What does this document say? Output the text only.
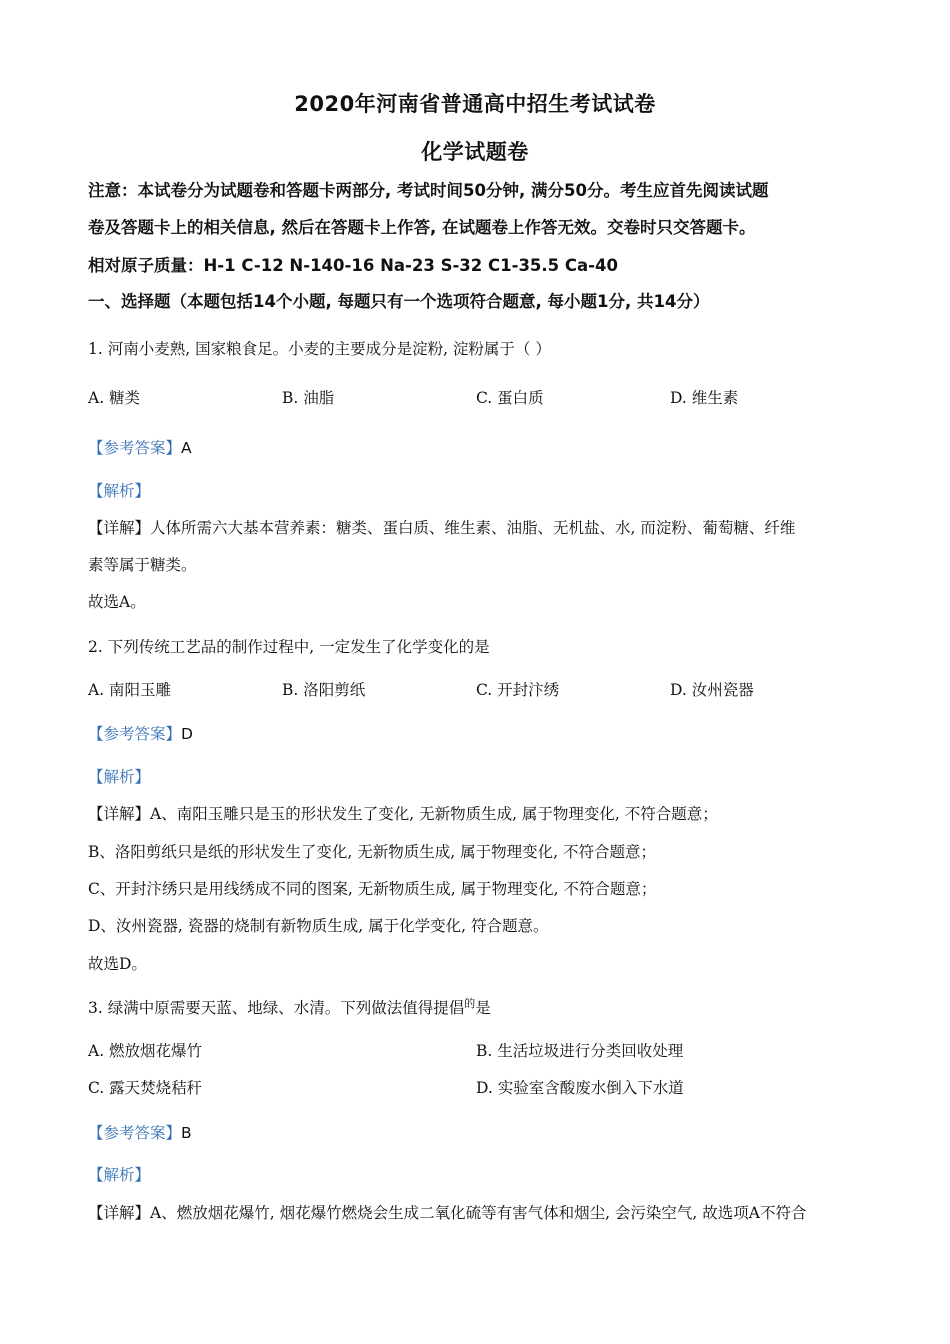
2020年河南省普通高中招生考试试卷
化学试题卷
注意：本试卷分为试题卷和答题卡两部分, 考试时间50分钟, 满分50分。考生应首先阅读试题
卷及答题卡上的相关信息, 然后在答题卡上作答, 在试题卷上作答无效。交卷时只交答题卡。
相对原子质量：H-1 C-12 N-140-16 Na-23 S-32 C1-35.5 Ca-40
一、选择题（本题包括14个小题, 每题只有一个选项符合题意, 每小题1分, 共14分）
1. 河南小麦熟, 国家粮食足。小麦的主要成分是淀粉, 淀粉属于（ ）
A. 糖类	B. 油脂	C. 蛋白质	D. 维生素
【参考答案】A
【解析】
【详解】人体所需六大基本营养素：糖类、蛋白质、维生素、油脂、无机盐、水, 而淀粉、葡萄糖、纤维
素等属于糖类。
故选A。
2. 下列传统工艺品的制作过程中, 一定发生了化学变化的是
A. 南阳玉雕	B. 洛阳剪纸	C. 开封汴绣	D. 汝州瓷器
【参考答案】D
【解析】
【详解】A、南阳玉雕只是玉的形状发生了变化, 无新物质生成, 属于物理变化, 不符合题意；
B、洛阳剪纸只是纸的形状发生了变化, 无新物质生成, 属于物理变化, 不符合题意；
C、开封汴绣只是用线绣成不同的图案, 无新物质生成, 属于物理变化, 不符合题意；
D、汝州瓷器, 瓷器的烧制有新物质生成, 属于化学变化, 符合题意。
故选D。
3. 绿满中原需要天蓝、地绿、水清。下列做法值得提倡$^的$是
A. 燃放烟花爆竹	B. 生活垃圾进行分类回收处理
C. 露天焚烧秸秆	D. 实验室含酸废水倒入下水道
【参考答案】B
【解析】
【详解】A、燃放烟花爆竹, 烟花爆竹燃烧会生成二氧化硫等有害气体和烟尘, 会污染空气, 故选项A不符合
